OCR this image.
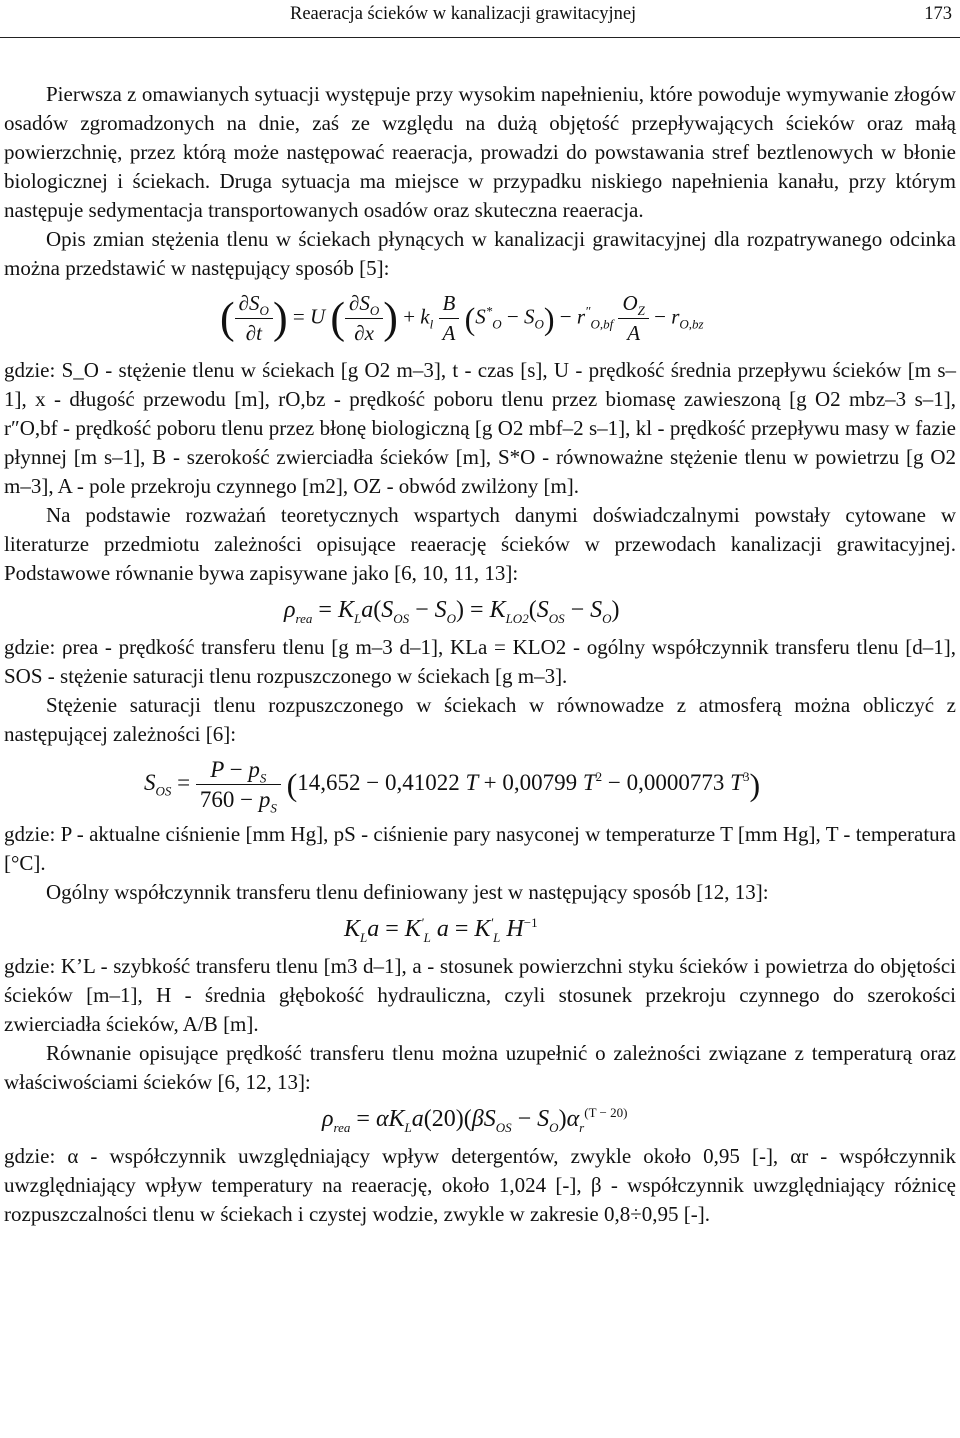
Reaeracja ścieków w kanalizacji grawitacyjnej	173

Pierwsza z omawianych sytuacji występuje przy wysokim napełnieniu, które powoduje wymywanie złogów osadów zgromadzonych na dnie, zaś ze względu na dużą objętość przepływających ścieków oraz małą powierzchnię, przez którą może następować reaeracja, prowadzi do powstawania stref beztlenowych w błonie biologicznej i ściekach. Druga sytuacja ma miejsce w przypadku niskiego napełnienia kanału, przy którym następuje sedymentacja transportowanych osadów oraz skuteczna reaeracja.

Opis zmian stężenia tlenu w ściekach płynących w kanalizacji grawitacyjnej dla rozpatrywanego odcinka można przedstawić w następujący sposób [5]:

( $\frac{\partial S_O}{\partial t}$ ) = U ( $\frac{\partial S_O}{\partial x}$ ) + $k_l \frac{B}{A} (S^*_O - S_O) - r''_{O,bf} \frac{O_Z}{A} - r_{O,bz}$

gdzie: S_O - stężenie tlenu w ściekach [g O2 m–3], t - czas [s], U - prędkość średnia przepływu ścieków [m s–1], x - długość przewodu [m], rO,bz - prędkość poboru tlenu przez biomasę zawieszoną [g O2 mbz–3 s–1], r″O,bf - prędkość poboru tlenu przez błonę biologiczną [g O2 mbf–2 s–1], kl - prędkość przepływu masy w fazie płynnej [m s–1], B - szerokość zwierciadła ścieków [m], S*O - równoważne stężenie tlenu w powietrzu [g O2 m–3], A - pole przekroju czynnego [m2], OZ - obwód zwilżony [m].

Na podstawie rozważań teoretycznych wspartych danymi doświadczalnymi powstały cytowane w literaturze przedmiotu zależności opisujące reaerację ścieków w przewodach kanalizacji grawitacyjnej. Podstawowe równanie bywa zapisywane jako [6, 10, 11, 13]:

$\rho_{rea} = K_La(S_{OS} - S_O) = K_{LO2}(S_{OS} - S_O)$

gdzie: ρrea - prędkość transferu tlenu [g m–3 d–1], KLa = KLO2 - ogólny współczynnik transferu tlenu [d–1], SOS - stężenie saturacji tlenu rozpuszczonego w ściekach [g m–3].

Stężenie saturacji tlenu rozpuszczonego w ściekach w równowadze z atmosferą można obliczyć z następującej zależności [6]:

$S_{OS} = \frac{P - p_S}{760 - p_S} (14,652 - 0,41022$ T + 0,00799 $T^2 - 0,0000773$ $T^3$)

gdzie: P - aktualne ciśnienie [mm Hg], pS - ciśnienie pary nasyconej w temperaturze T [mm Hg], T - temperatura [°C].

Ogólny współczynnik transferu tlenu definiowany jest w następujący sposób [12, 13]:

$K_La = K'_L$ $a = K'_L$ $H^{-1}$

gdzie: K’L - szybkość transferu tlenu [m3 d–1], a - stosunek powierzchni styku ścieków i powietrza do objętości ścieków [m–1], H - średnia głębokość hydrauliczna, czyli stosunek przekroju czynnego do szerokości zwierciadła ścieków, A/B [m].

Równanie opisujące prędkość transferu tlenu można uzupełnić o zależności związane z temperaturą oraz właściwościami ścieków [6, 12, 13]:

$\rho_{rea} = \alpha K_La(20)(\beta S_{OS} - S_O)\alpha_r^{(T - 20)}$

gdzie: α - współczynnik uwzględniający wpływ detergentów, zwykle około 0,95 [-], αr - współczynnik uwzględniający wpływ temperatury na reaerację, około 1,024 [-], β - współczynnik uwzględniający różnicę rozpuszczalności tlenu w ściekach i czystej wodzie, zwykle w zakresie 0,8÷0,95 [-].
